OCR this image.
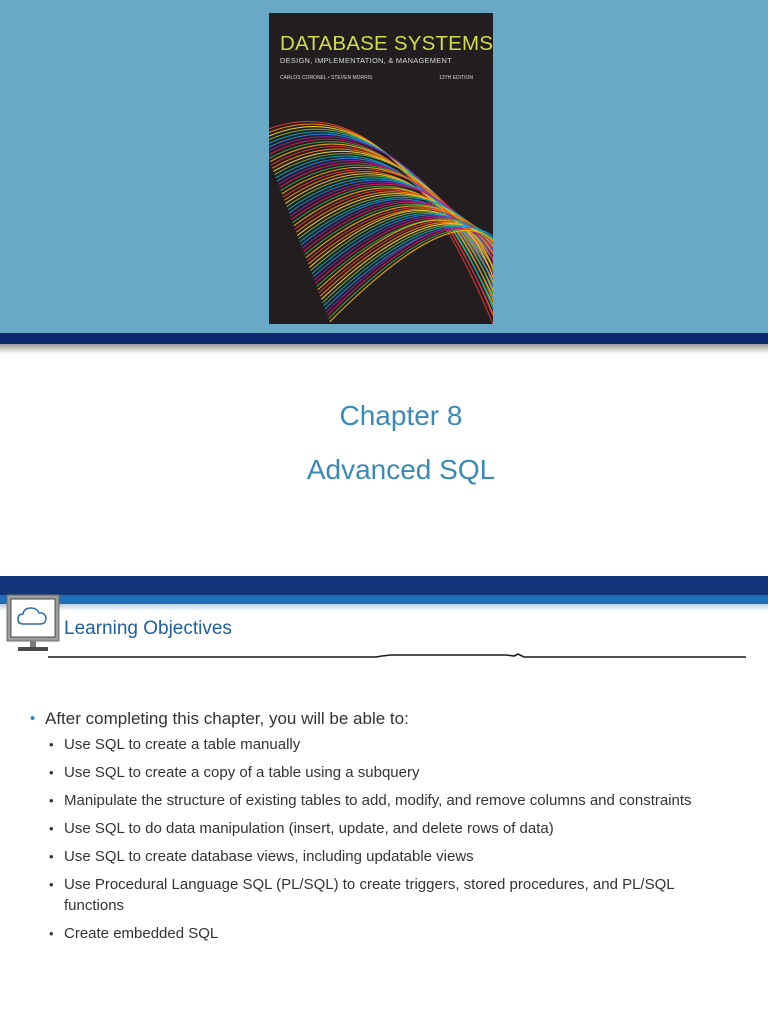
DATABASE SYSTEMS
DESIGN, IMPLEMENTATION, & MANAGEMENT
CARLOS CORONEL • STEVEN MORRIS	13TH EDITION
Chapter 8
Advanced SQL
Learning Objectives
• After completing this chapter, you will be able to:
• Use SQL to create a table manually
• Use SQL to create a copy of a table using a subquery
• Manipulate the structure of existing tables to add, modify, and remove columns and constraints
• Use SQL to do data manipulation (insert, update, and delete rows of data)
• Use SQL to create database views, including updatable views
• Use Procedural Language SQL (PL/SQL) to create triggers, stored procedures, and PL/SQL functions
• Create embedded SQL
